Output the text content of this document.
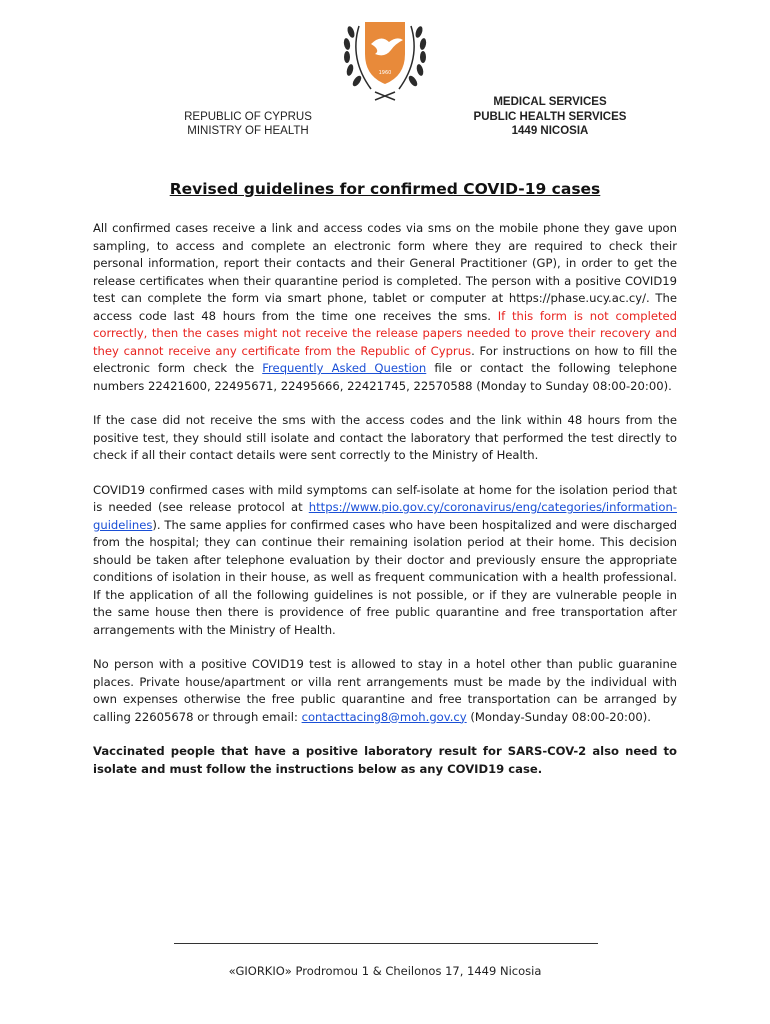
1960
REPUBLIC OF CYPRUS
MINISTRY OF HEALTH
MEDICAL SERVICES
PUBLIC HEALTH SERVICES
1449 NICOSIA
Revised guidelines for confirmed COVID-19 cases

All confirmed cases receive a link and access codes via sms on the mobile phone they gave upon sampling, to access and complete an electronic form where they are required to check their personal information, report their contacts and their General Practitioner (GP), in order to get the release certificates when their quarantine period is completed. The person with a positive COVID19 test can complete the form via smart phone, tablet or computer at https://phase.ucy.ac.cy/. The access code last 48 hours from the time one receives the sms. If this form is not completed correctly, then the cases might not receive the release papers needed to prove their recovery and they cannot receive any certificate from the Republic of Cyprus. For instructions on how to fill the electronic form check the Frequently Asked Question file or contact the following telephone numbers 22421600, 22495671, 22495666, 22421745, 22570588 (Monday to Sunday 08:00-20:00).

If the case did not receive the sms with the access codes and the link within 48 hours from the positive test, they should still isolate and contact the laboratory that performed the test directly to check if all their contact details were sent correctly to the Ministry of Health.

COVID19 confirmed cases with mild symptoms can self-isolate at home for the isolation period that is needed (see release protocol at https://www.pio.gov.cy/coronavirus/eng/categories/information-guidelines). The same applies for confirmed cases who have been hospitalized and were discharged from the hospital; they can continue their remaining isolation period at their home. This decision should be taken after telephone evaluation by their doctor and previously ensure the appropriate conditions of isolation in their house, as well as frequent communication with a health professional. If the application of all the following guidelines is not possible, or if they are vulnerable people in the same house then there is providence of free public quarantine and free transportation after arrangements with the Ministry of Health.

No person with a positive COVID19 test is allowed to stay in a hotel other than public guaranine places. Private house/apartment or villa rent arrangements must be made by the individual with own expenses otherwise the free public quarantine and free transportation can be arranged by calling 22605678 or through email: contacttacing8@moh.gov.cy (Monday-Sunday 08:00-20:00).

Vaccinated people that have a positive laboratory result for SARS-COV-2 also need to isolate and must follow the instructions below as any COVID19 case.

«GIORKIO» Prodromou 1 & Cheilonos 17, 1449 Nicosia
